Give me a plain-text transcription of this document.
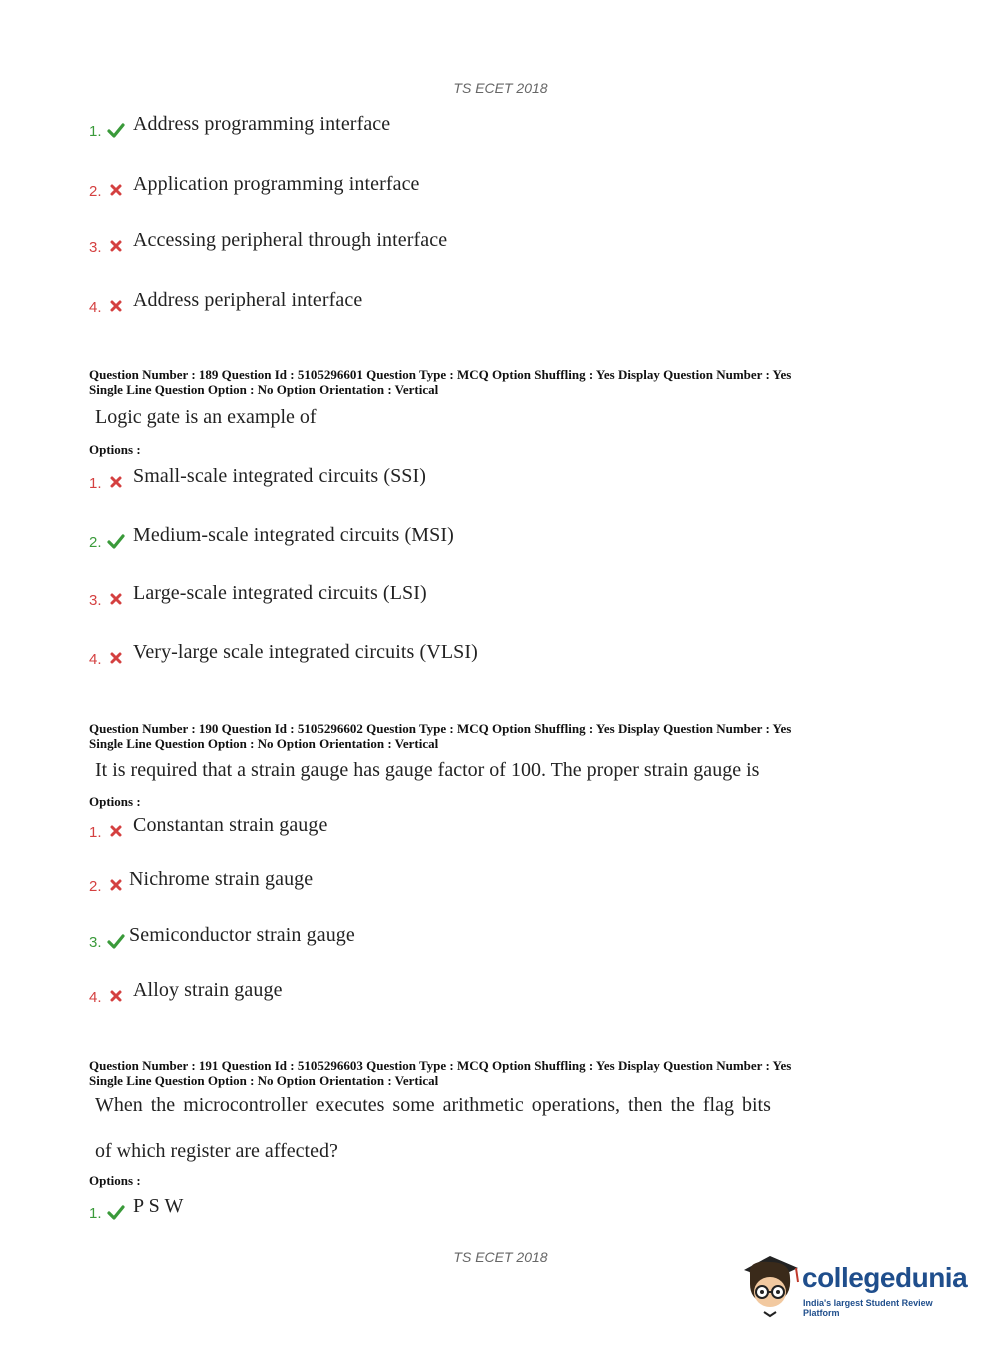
TS ECET 2018
1. Address programming interface
2. Application programming interface
3. Accessing peripheral through interface
4. Address peripheral interface
Question Number : 189 Question Id : 5105296601 Question Type : MCQ Option Shuffling : Yes Display Question Number : Yes
Single Line Question Option : No Option Orientation : Vertical
Logic gate is an example of
Options :
1. Small-scale integrated circuits (SSI)
2. Medium-scale integrated circuits (MSI)
3. Large-scale integrated circuits (LSI)
4. Very-large scale integrated circuits (VLSI)
Question Number : 190 Question Id : 5105296602 Question Type : MCQ Option Shuffling : Yes Display Question Number : Yes
Single Line Question Option : No Option Orientation : Vertical
It is required that a strain gauge has gauge factor of 100. The proper strain gauge is
Options :
1. Constantan strain gauge
2. Nichrome strain gauge
3. Semiconductor strain gauge
4. Alloy strain gauge
Question Number : 191 Question Id : 5105296603 Question Type : MCQ Option Shuffling : Yes Display Question Number : Yes
Single Line Question Option : No Option Orientation : Vertical
When the microcontroller executes some arithmetic operations, then the flag bits
of which register are affected?
Options :
1. P S W
TS ECET 2018
collegedunia
India's largest Student Review Platform
